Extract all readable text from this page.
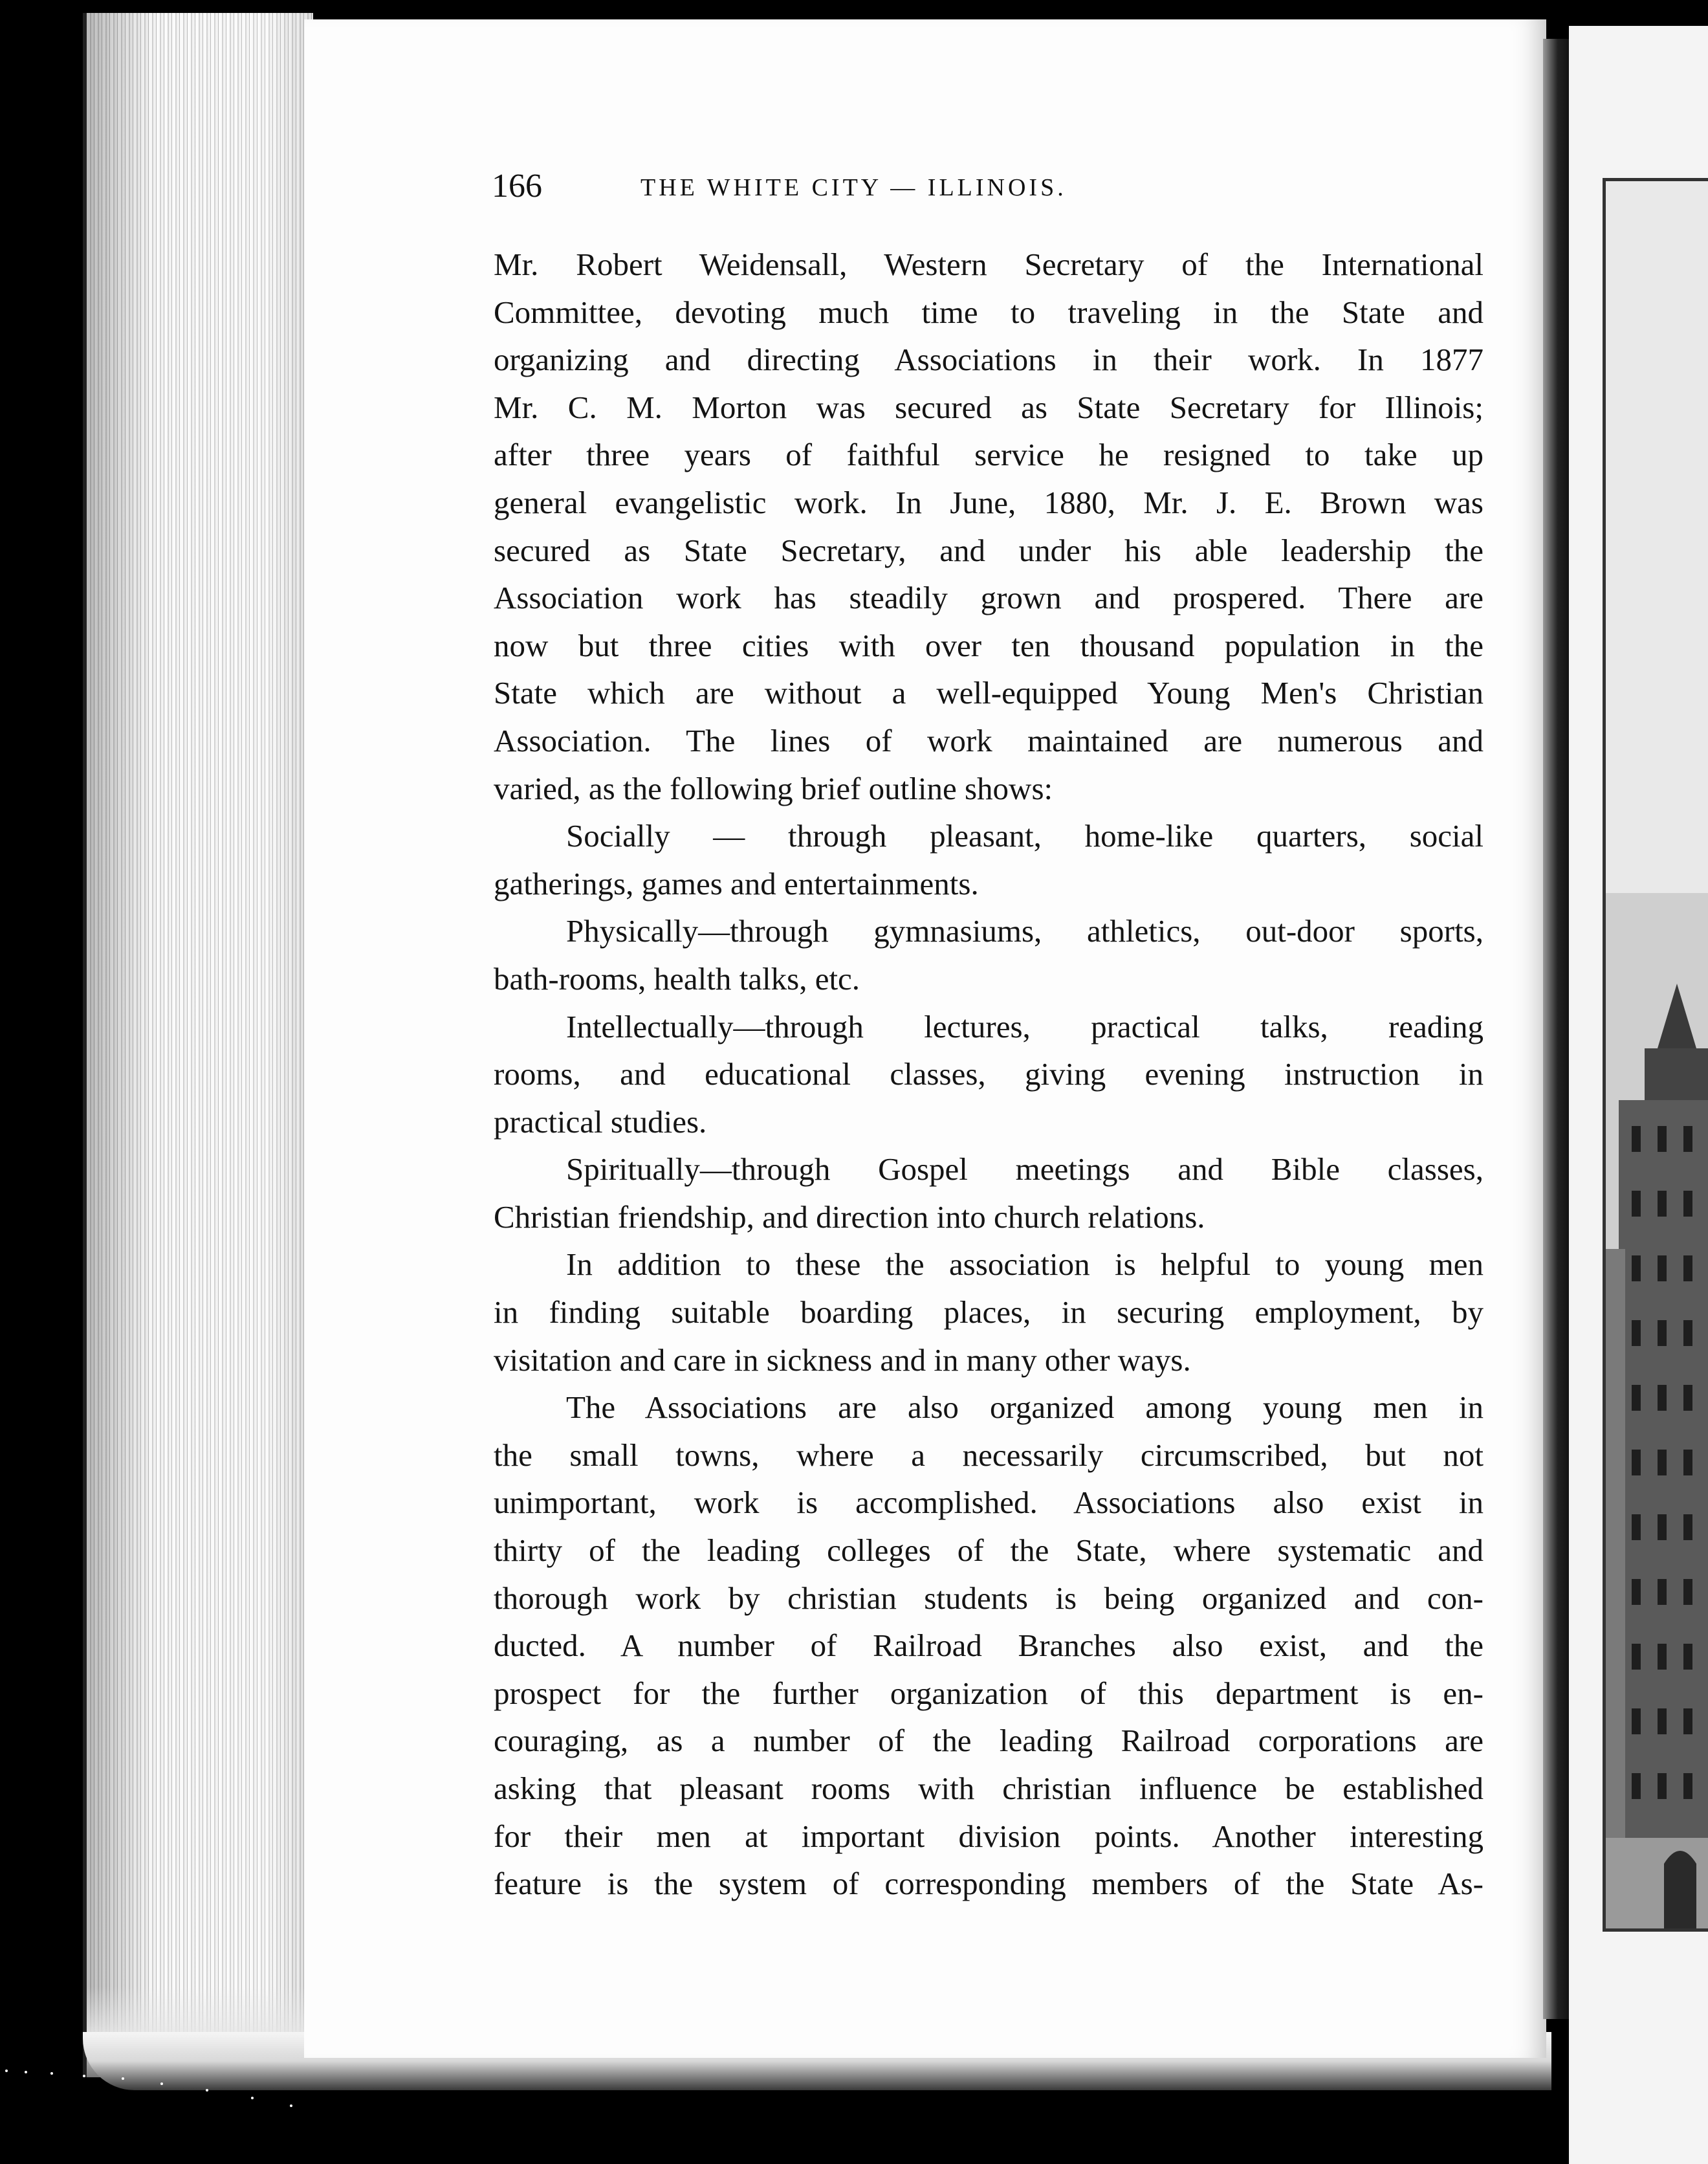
166	THE WHITE CITY — ILLINOIS.
Mr. Robert Weidensall, Western Secretary of the International
Committee, devoting much time to traveling in the State and
organizing and directing Associations in their work. In 1877
Mr. C. M. Morton was secured as State Secretary for Illinois;
after three years of faithful service he resigned to take up
general evangelistic work. In June, 1880, Mr. J. E. Brown was
secured as State Secretary, and under his able leadership the
Association work has steadily grown and prospered. There are
now but three cities with over ten thousand population in the
State which are without a well-equipped Young Men's Christian
Association. The lines of work maintained are numerous and
varied, as the following brief outline shows:
Socially — through pleasant, home-like quarters, social
gatherings, games and entertainments.
Physically—through gymnasiums, athletics, out-door sports,
bath-rooms, health talks, etc.
Intellectually—through lectures, practical talks, reading
rooms, and educational classes, giving evening instruction in
practical studies.
Spiritually—through Gospel meetings and Bible classes,
Christian friendship, and direction into church relations.
In addition to these the association is helpful to young men
in finding suitable boarding places, in securing employment, by
visitation and care in sickness and in many other ways.
The Associations are also organized among young men in
the small towns, where a necessarily circumscribed, but not
unimportant, work is accomplished. Associations also exist in
thirty of the leading colleges of the State, where systematic and
thorough work by christian students is being organized and con-
ducted. A number of Railroad Branches also exist, and the
prospect for the further organization of this department is en-
couraging, as a number of the leading Railroad corporations are
asking that pleasant rooms with christian influence be established
for their men at important division points. Another interesting
feature is the system of corresponding members of the State As-
